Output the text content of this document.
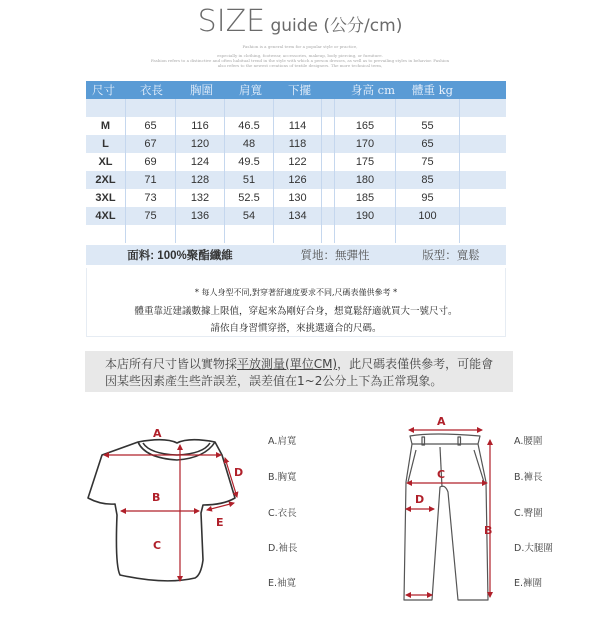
SIZE guide (公分/cm)
Fashion is a general term for a popular style or practice,
especially in clothing, footwear, accessories, makeup, body piercing, or furniture.
Fashion refers to a distinctive and often habitual trend in the style with which a person dresses, as well as to prevailing styles in behavior. Fashion
also refers to the newest creations of textile designers. The more technical term,
尺寸	衣長	胸圍	肩寬	下擺	身高 cm	體重 kg
M	65	116	46.5	114	165	55
L	67	120	48	118	170	65
XL	69	124	49.5	122	175	75
2XL	71	128	51	126	180	85
3XL	73	132	52.5	130	185	95
4XL	75	136	54	134	190	100
面料: 100%聚酯纖維	質地：無彈性	版型：寬鬆
* 每人身型不同,對穿著舒適度要求不同,尺碼表僅供參考 *
體重靠近建議數據上限值，穿起來為剛好合身，想寬鬆舒適就買大一號尺寸。
請依自身習慣穿搭，來挑選適合的尺碼。
本店所有尺寸皆以實物採平放測量(單位CM)，此尺碼表僅供參考，可能會
因某些因素產生些許誤差，誤差值在1~2公分上下為正常現象。
A
B
C
D
E
A.肩寬
B.胸寬
C.衣長
D.袖長
E.袖寬
A
B
C
D
A.腰圍
B.褲長
C.臀圍
D.大腿圍
E.褲圍
